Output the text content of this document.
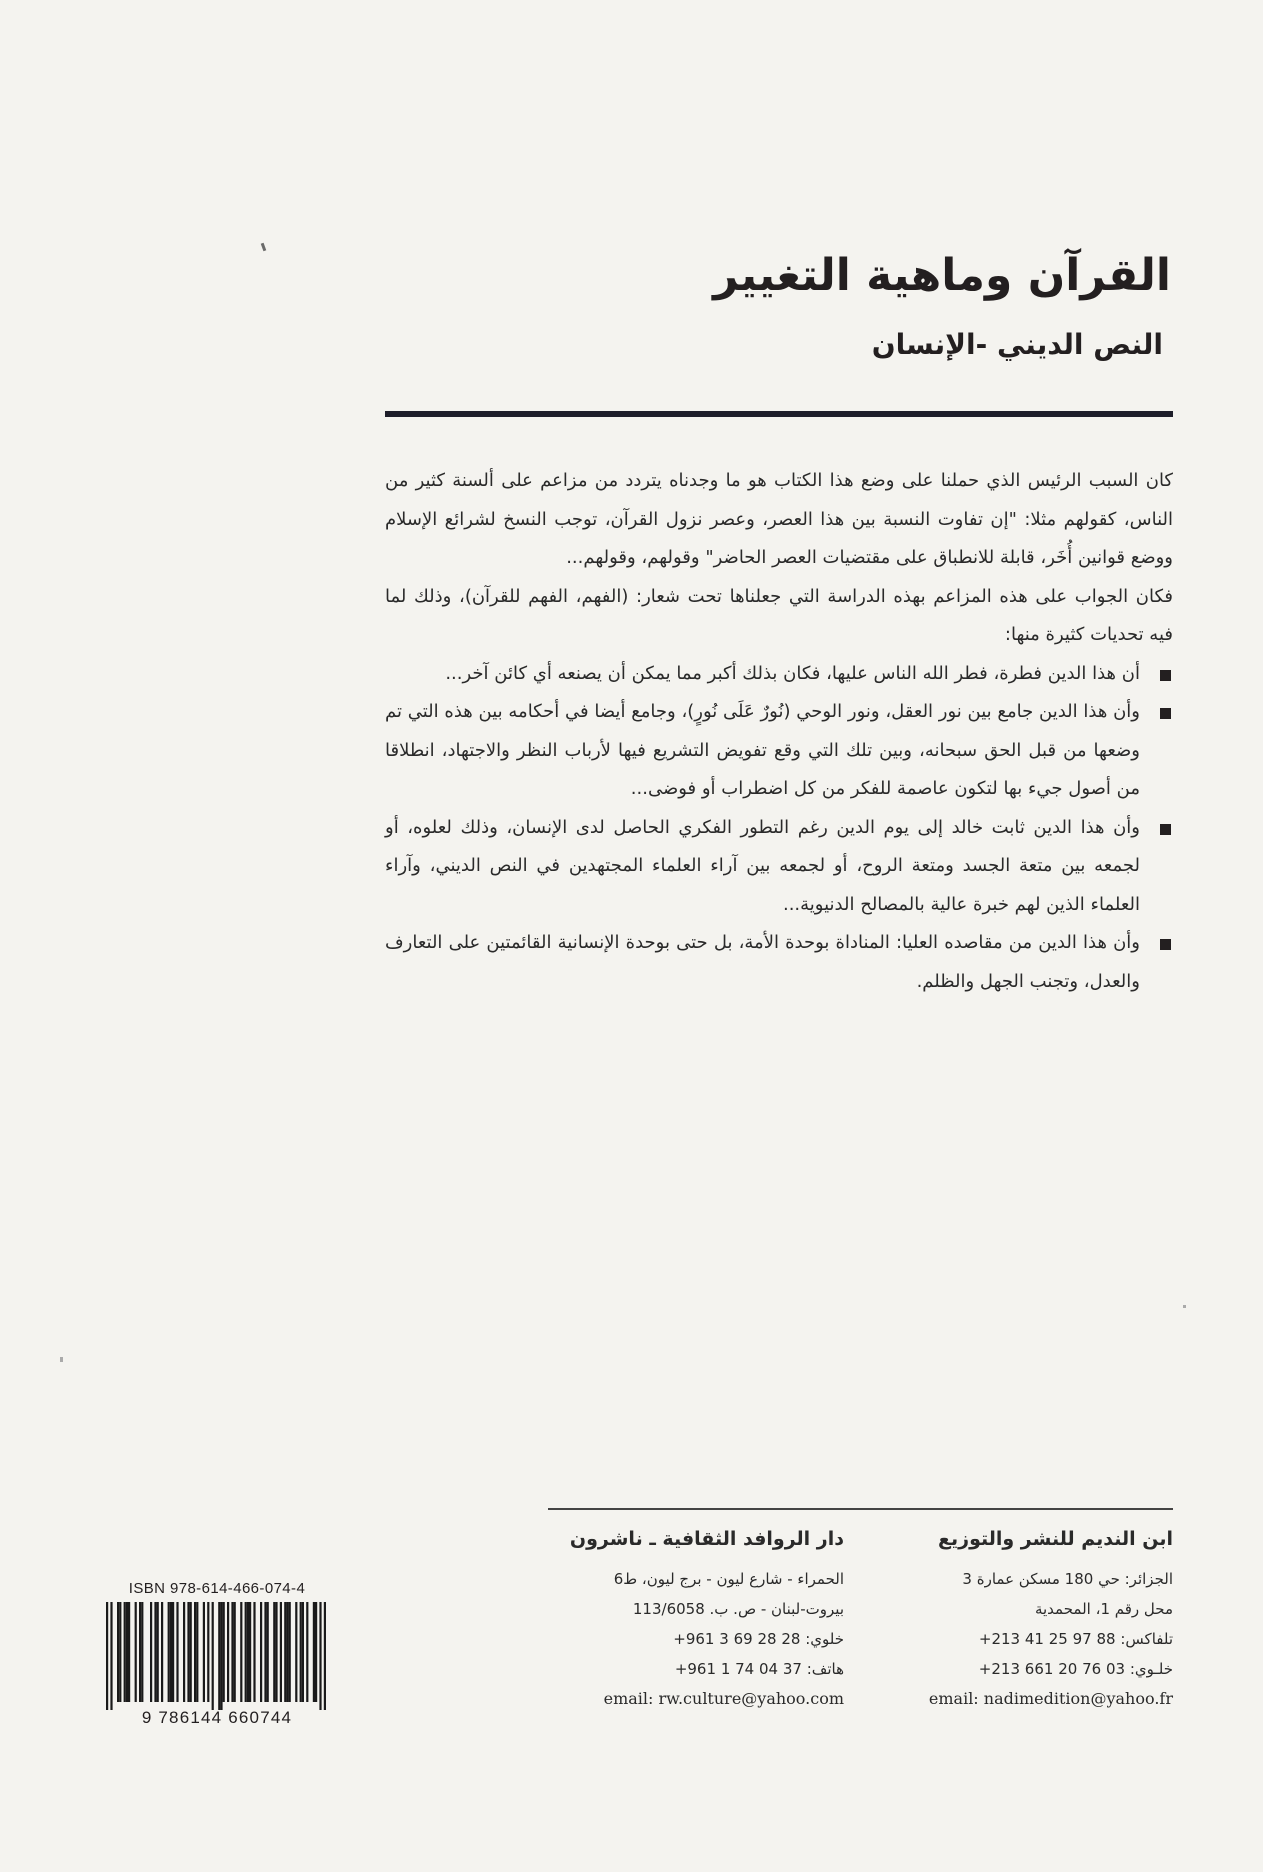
القرآن وماهية التغيير
النص الديني -الإنسان

كان السبب الرئيس الذي حملنا على وضع هذا الكتاب هو ما وجدناه يتردد من مزاعم على ألسنة كثير من الناس، كقولهم مثلا: "إن تفاوت النسبة بين هذا العصر، وعصر نزول القرآن، توجب النسخ لشرائع الإسلام ووضع قوانين أُخَر، قابلة للانطباق على مقتضيات العصر الحاضر" وقولهم، وقولهم...

فكان الجواب على هذه المزاعم بهذه الدراسة التي جعلناها تحت شعار: (الفهم، الفهم للقرآن)، وذلك لما فيه تحديات كثيرة منها:

أن هذا الدين فطرة، فطر الله الناس عليها، فكان بذلك أكبر مما يمكن أن يصنعه أي كائن آخر...
وأن هذا الدين جامع بين نور العقل، ونور الوحي (نُورٌ عَلَى نُورٍ)، وجامع أيضا في أحكامه بين هذه التي تم وضعها من قبل الحق سبحانه، وبين تلك التي وقع تفويض التشريع فيها لأرباب النظر والاجتهاد، انطلاقا من أصول جيء بها لتكون عاصمة للفكر من كل اضطراب أو فوضى...
وأن هذا الدين ثابت خالد إلى يوم الدين رغم التطور الفكري الحاصل لدى الإنسان، وذلك لعلوه، أو لجمعه بين متعة الجسد ومتعة الروح، أو لجمعه بين آراء العلماء المجتهدين في النص الديني، وآراء العلماء الذين لهم خبرة عالية بالمصالح الدنيوية...
وأن هذا الدين من مقاصده العليا: المناداة بوحدة الأمة، بل حتى بوحدة الإنسانية القائمتين على التعارف والعدل، وتجنب الجهل والظلم.
ابن النديم للنشر والتوزيع
الجزائر: حي 180 مسكن عمارة 3
محل رقم 1، المحمدية
تلفاكس: 88 97 25 41 213+
خلـوي: 03 76 20 661 213+
email: nadimedition@yahoo.fr
دار الروافد الثقافية ـ ناشرون
الحمراء - شارع ليون - برج ليون، ط6
بيروت-لبنان - ص. ب. 113/6058
خلوي: 28 28 69 3 961+
هاتف: 37 04 74 1 961+
email: rw.culture@yahoo.com
ISBN 978-614-466-074-4
9 786144 660744
